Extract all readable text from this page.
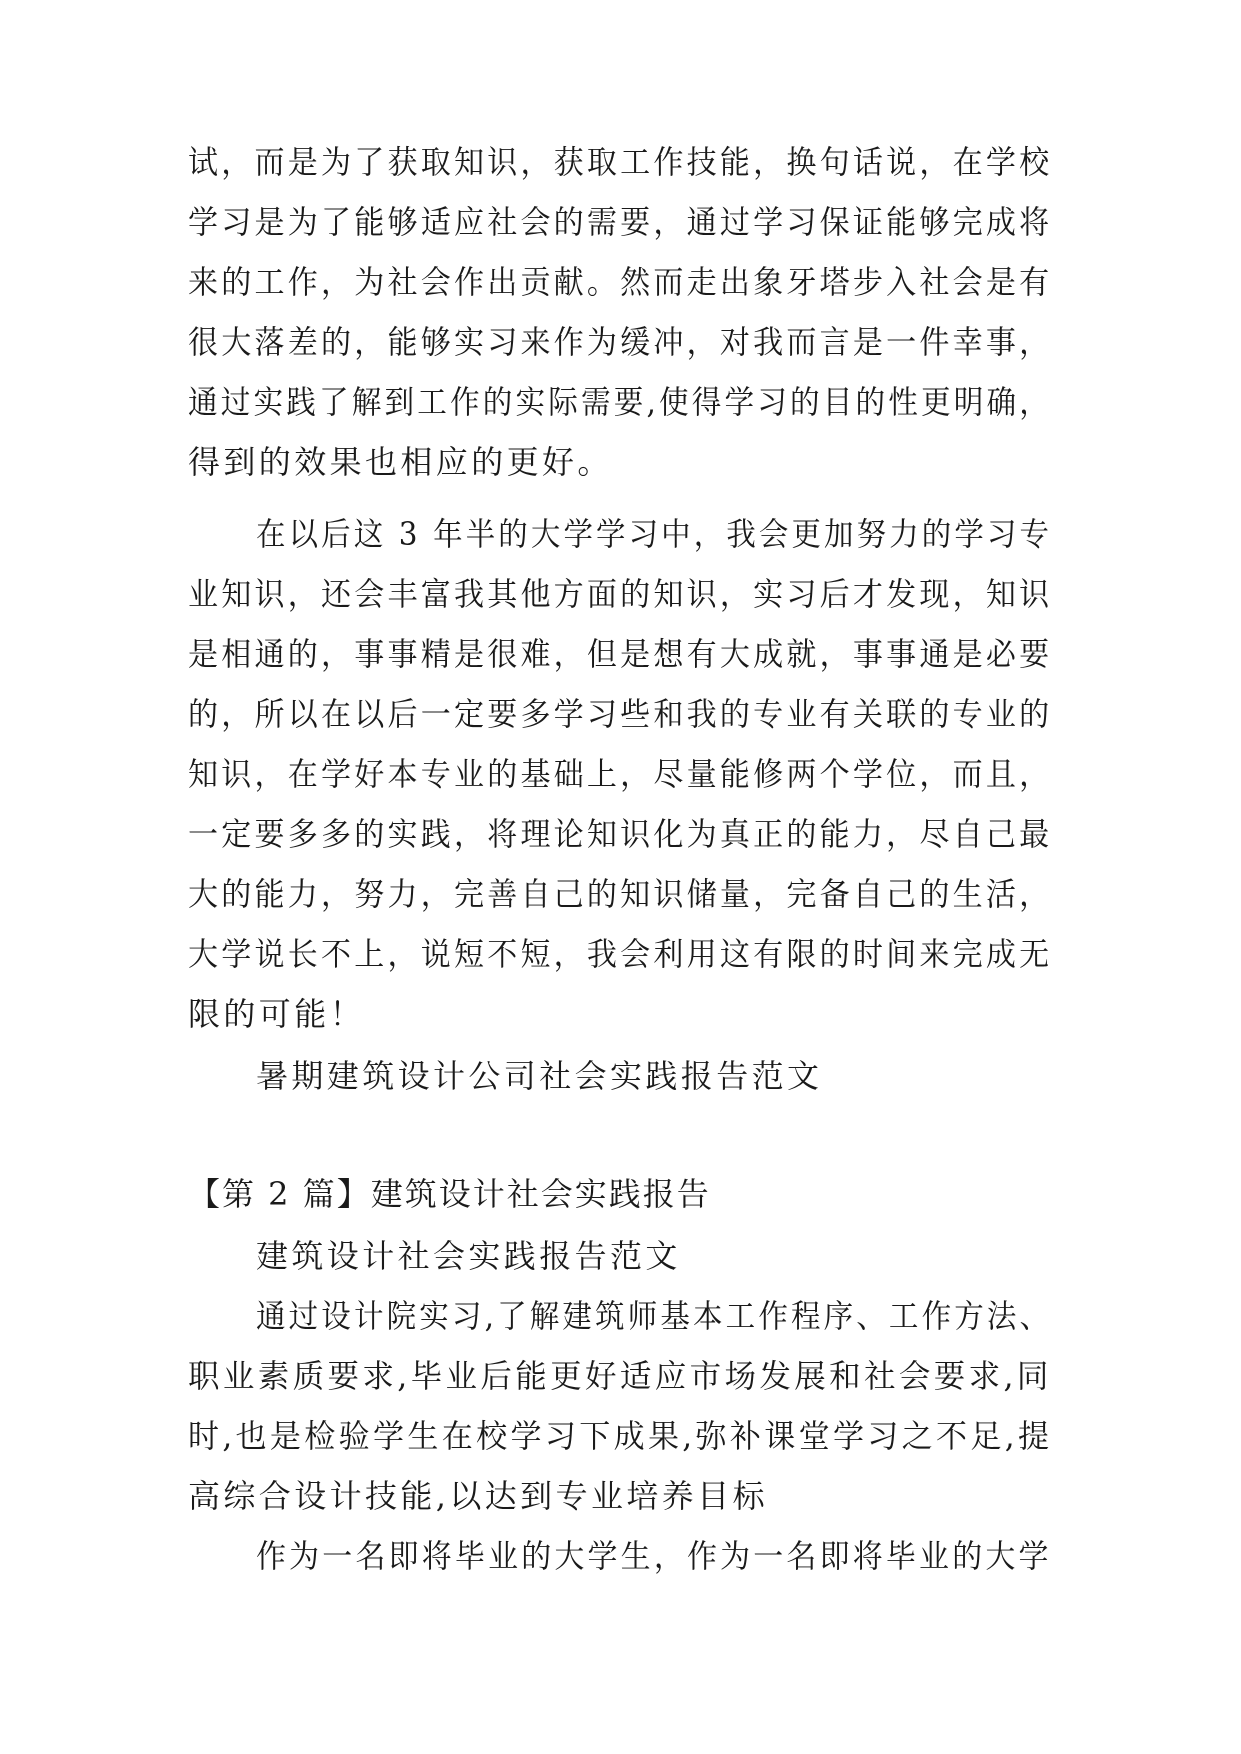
试，而是为了获取知识，获取工作技能，换句话说，在学校
学习是为了能够适应社会的需要，通过学习保证能够完成将
来的工作，为社会作出贡献。然而走出象牙塔步入社会是有
很大落差的，能够实习来作为缓冲，对我而言是一件幸事，
通过实践了解到工作的实际需要,使得学习的目的性更明确，
得到的效果也相应的更好。
在以后这 3 年半的大学学习中，我会更加努力的学习专
业知识，还会丰富我其他方面的知识，实习后才发现，知识
是相通的，事事精是很难，但是想有大成就，事事通是必要
的，所以在以后一定要多学习些和我的专业有关联的专业的
知识，在学好本专业的基础上，尽量能修两个学位，而且，
一定要多多的实践，将理论知识化为真正的能力，尽自己最
大的能力，努力，完善自己的知识储量，完备自己的生活，
大学说长不上，说短不短，我会利用这有限的时间来完成无
限的可能！
暑期建筑设计公司社会实践报告范文
【第 2 篇】建筑设计社会实践报告
建筑设计社会实践报告范文
通过设计院实习,了解建筑师基本工作程序、工作方法、
职业素质要求,毕业后能更好适应市场发展和社会要求,同
时,也是检验学生在校学习下成果,弥补课堂学习之不足,提
高综合设计技能,以达到专业培养目标
作为一名即将毕业的大学生，作为一名即将毕业的大学
